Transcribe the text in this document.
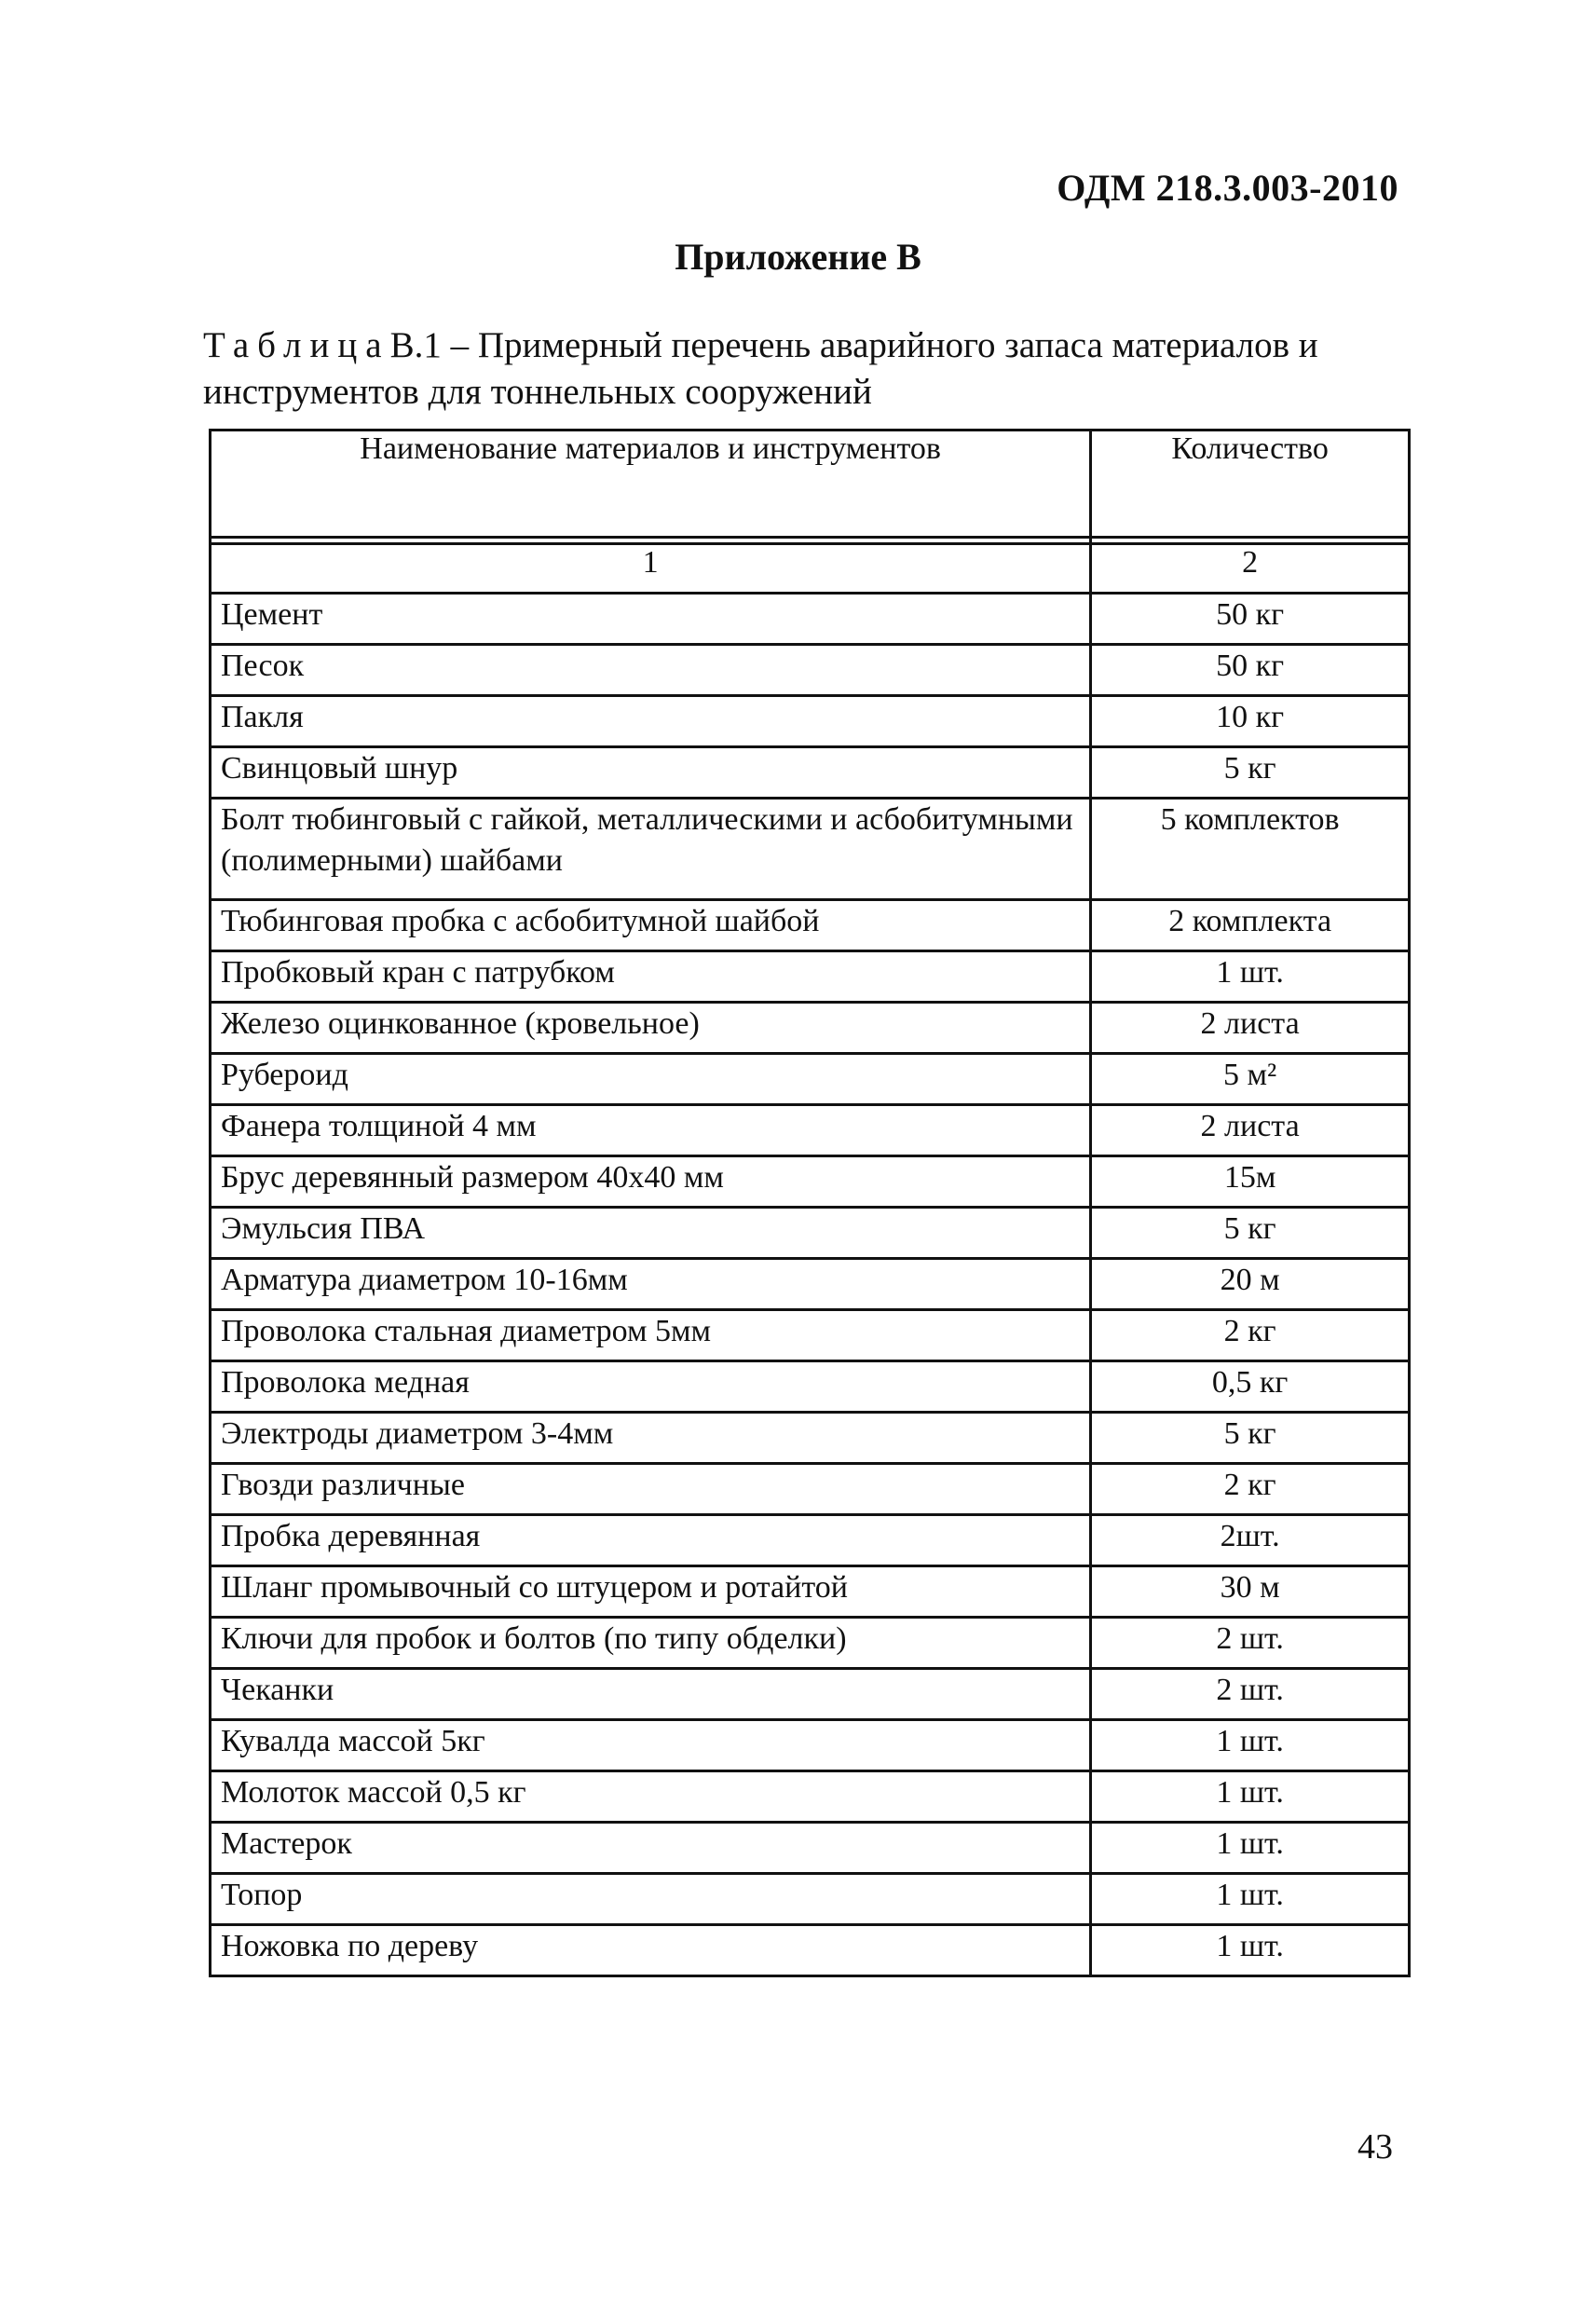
ОДМ 218.3.003-2010
Приложение В
ТаблицаВ.1 – Примерный перечень аварийного запаса материалов и инструментов для тоннельных сооружений
Наименование материалов и инструментов	Количество

1	2
Цемент	50 кг
Песок	50 кг
Пакля	10 кг
Свинцовый шнур	5 кг
Болт тюбинговый с гайкой, металлическими и асбобитумными (полимерными) шайбами	5 комплектов
Тюбинговая пробка с асбобитумной шайбой	2 комплекта
Пробковый кран с патрубком	1 шт.
Железо оцинкованное (кровельное)	2 листа
Рубероид	5 м²
Фанера толщиной 4 мм	2 листа
Брус деревянный размером 40х40 мм	15м
Эмульсия ПВА	5 кг
Арматура диаметром 10-16мм	20 м
Проволока стальная диаметром 5мм	2 кг
Проволока медная	0,5 кг
Электроды диаметром 3-4мм	5 кг
Гвозди различные	2 кг
Пробка деревянная	2шт.
Шланг промывочный со штуцером и ротайтой	30 м
Ключи для пробок и болтов (по типу обделки)	2 шт.
Чеканки	2 шт.
Кувалда массой 5кг	1 шт.
Молоток массой 0,5 кг	1 шт.
Мастерок	1 шт.
Топор	1 шт.
Ножовка по дереву	1 шт.
43
